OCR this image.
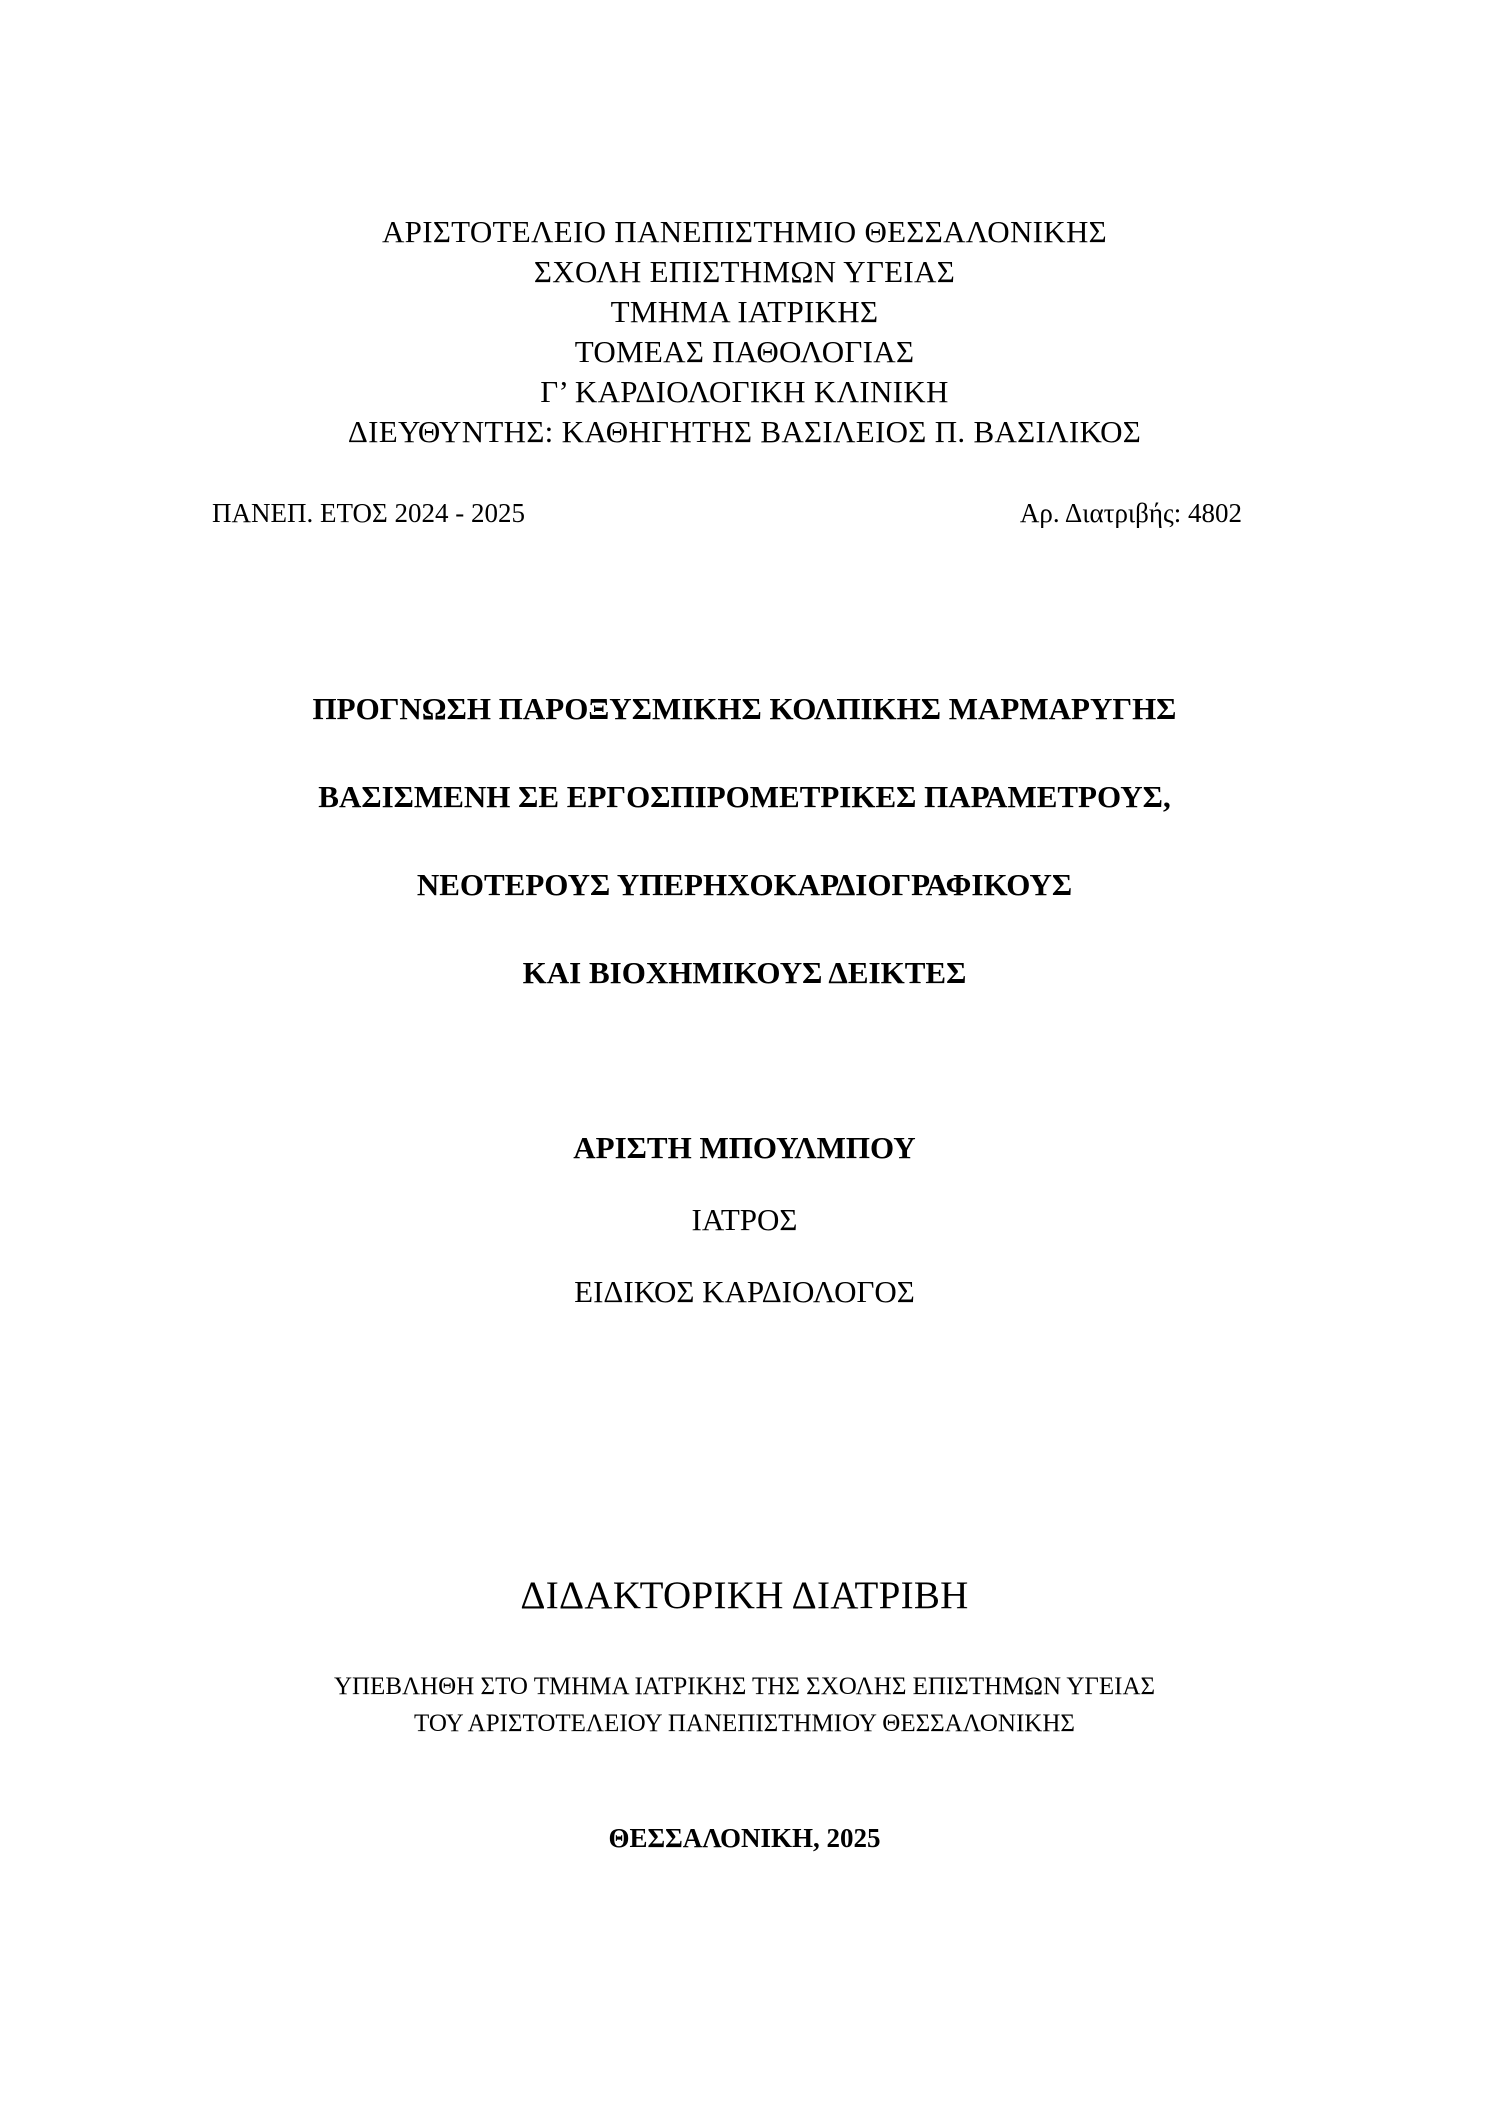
ΑΡΙΣΤΟΤΕΛΕΙΟ ΠΑΝΕΠΙΣΤΗΜΙΟ ΘΕΣΣΑΛΟΝΙΚΗΣ
ΣΧΟΛΗ ΕΠΙΣΤΗΜΩΝ ΥΓΕΙΑΣ
ΤΜΗΜΑ ΙΑΤΡΙΚΗΣ
ΤΟΜΕΑΣ ΠΑΘΟΛΟΓΙΑΣ
Γ’ ΚΑΡΔΙΟΛΟΓΙΚΗ ΚΛΙΝΙΚΗ
ΔΙΕΥΘΥΝΤΗΣ: ΚΑΘΗΓΗΤΗΣ ΒΑΣΙΛΕΙΟΣ Π. ΒΑΣΙΛΙΚΟΣ
ΠΑΝΕΠ. ΕΤΟΣ 2024 - 2025	Αρ. Διατριβής: 4802
ΠΡΟΓΝΩΣΗ ΠΑΡΟΞΥΣΜΙΚΗΣ ΚΟΛΠΙΚΗΣ ΜΑΡΜΑΡΥΓΗΣ
ΒΑΣΙΣΜΕΝΗ ΣΕ ΕΡΓΟΣΠΙΡΟΜΕΤΡΙΚΕΣ ΠΑΡΑΜΕΤΡΟΥΣ,
ΝΕΟΤΕΡΟΥΣ ΥΠΕΡΗΧΟΚΑΡΔΙΟΓΡΑΦΙΚΟΥΣ
ΚΑΙ ΒΙΟΧΗΜΙΚΟΥΣ ΔΕΙΚΤΕΣ
ΑΡΙΣΤΗ ΜΠΟΥΛΜΠΟΥ
ΙΑΤΡΟΣ
ΕΙΔΙΚΟΣ ΚΑΡΔΙΟΛΟΓΟΣ
ΔΙΔΑΚΤΟΡΙΚΗ ΔΙΑΤΡΙΒΗ
ΥΠΕΒΛΗΘΗ ΣΤΟ ΤΜΗΜΑ ΙΑΤΡΙΚΗΣ ΤΗΣ ΣΧΟΛΗΣ ΕΠΙΣΤΗΜΩΝ ΥΓΕΙΑΣ
ΤΟΥ ΑΡΙΣΤΟΤΕΛΕΙΟΥ ΠΑΝΕΠΙΣΤΗΜΙΟΥ ΘΕΣΣΑΛΟΝΙΚΗΣ
ΘΕΣΣΑΛΟΝΙΚΗ, 2025
